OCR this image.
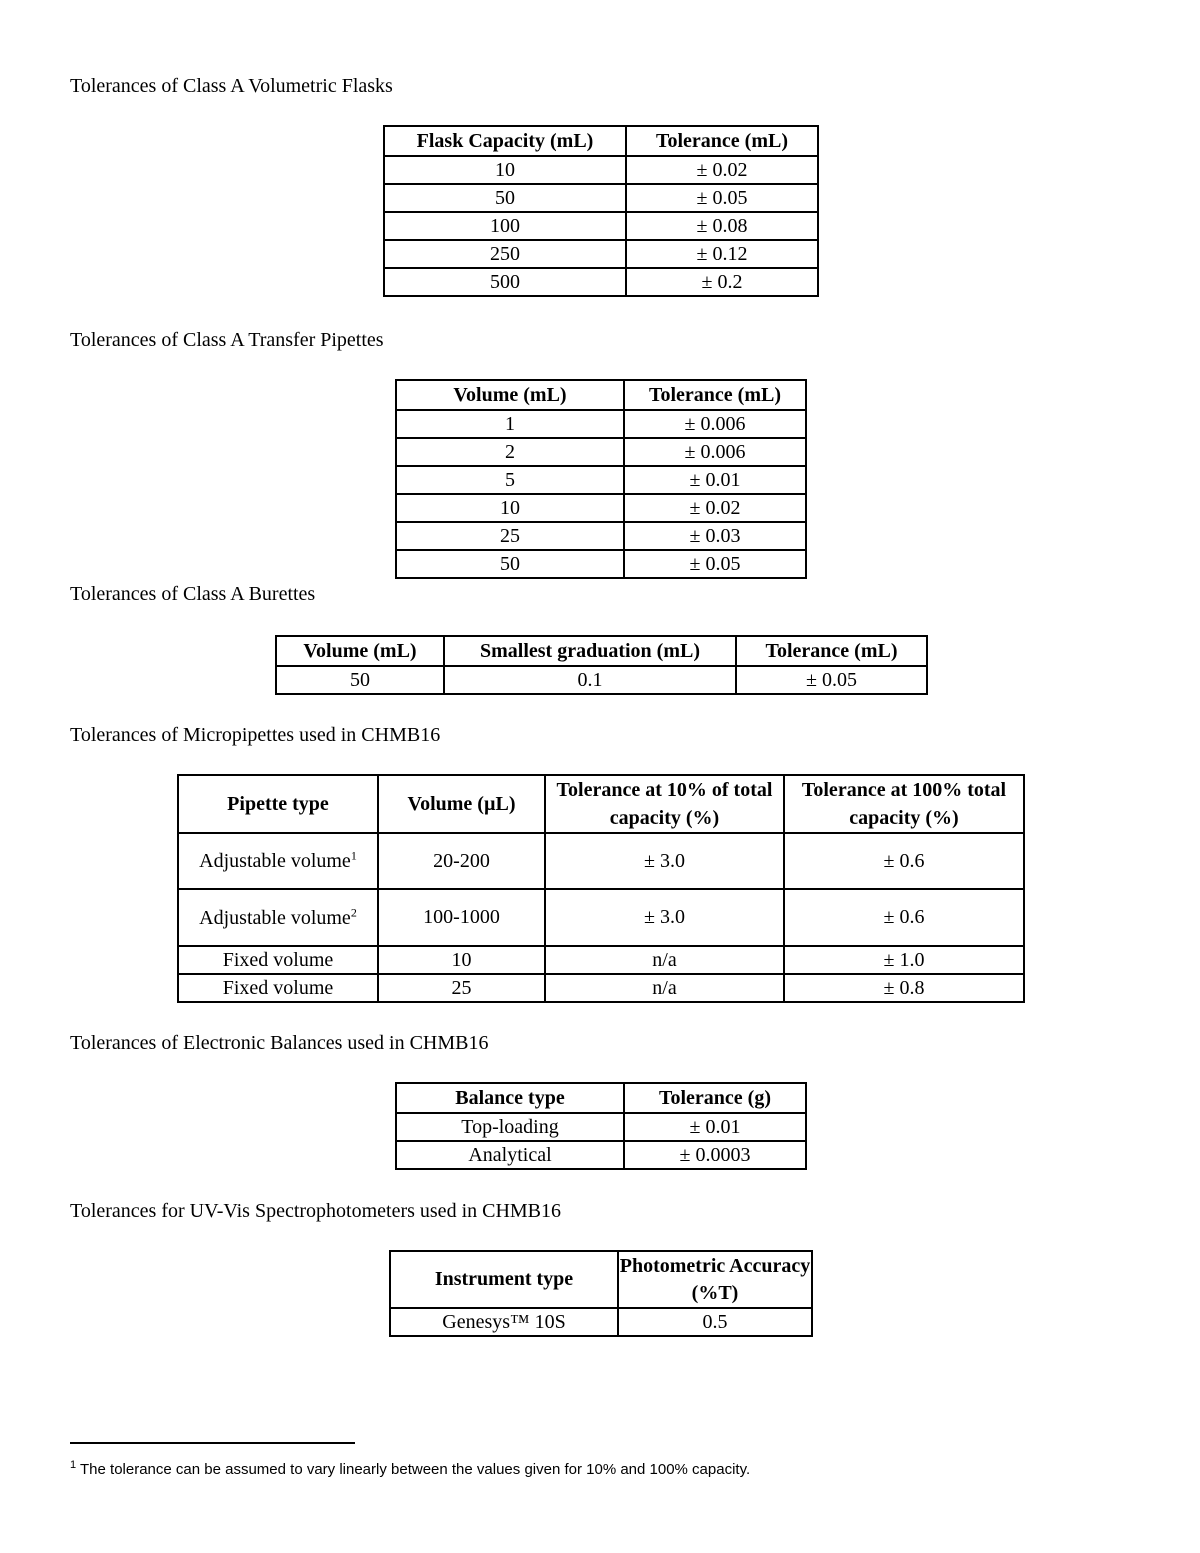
Tolerances of Class A Volumetric Flasks
Flask Capacity (mL)	Tolerance (mL)
10	± 0.02
50	± 0.05
100	± 0.08
250	± 0.12
500	± 0.2
Tolerances of Class A Transfer Pipettes
Volume (mL)	Tolerance (mL)
1	± 0.006
2	± 0.006
5	± 0.01
10	± 0.02
25	± 0.03
50	± 0.05
Tolerances of Class A Burettes
Volume (mL)	Smallest graduation (mL)	Tolerance (mL)
50	0.1	± 0.05
Tolerances of Micropipettes used in CHMB16
Pipette type	Volume (µL)	Tolerance at 10% of total capacity (%)	Tolerance at 100% total capacity (%)
Adjustable volume$^1$	20-200	± 3.0	± 0.6
Adjustable volume$^2$	100-1000	± 3.0	± 0.6
Fixed volume	10	n/a	± 1.0
Fixed volume	25	n/a	± 0.8
Tolerances of Electronic Balances used in CHMB16
Balance type	Tolerance (g)
Top-loading	± 0.01
Analytical	± 0.0003
Tolerances for UV-Vis Spectrophotometers used in CHMB16
Instrument type	Photometric Accuracy (%T)
Genesys™ 10S	0.5
$^1$ The tolerance can be assumed to vary linearly between the values given for 10% and 100% capacity.
